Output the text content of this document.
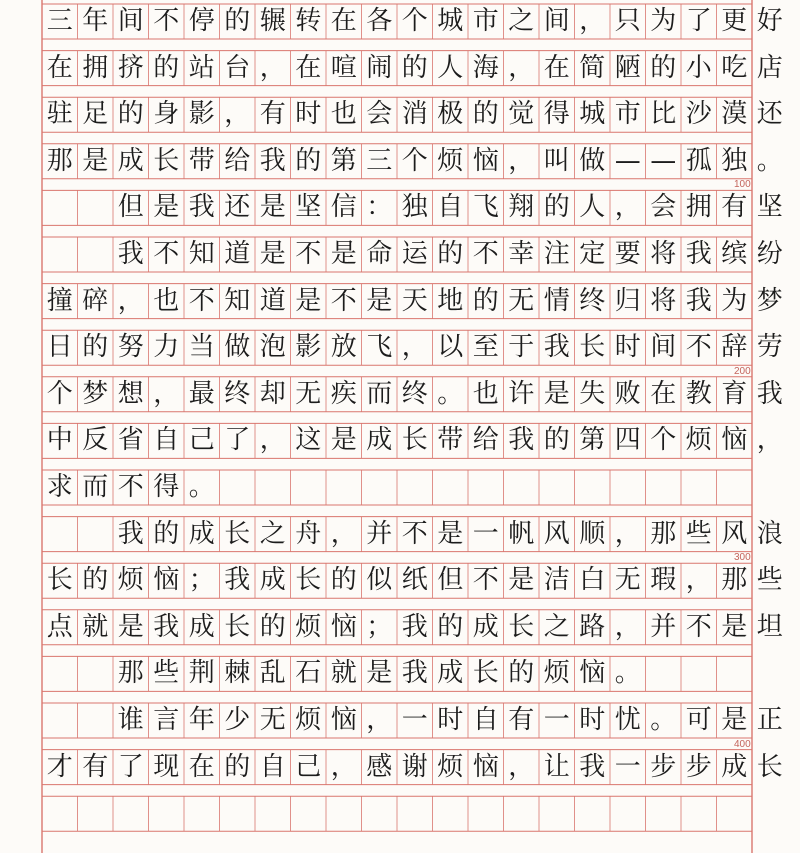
三 年 间 不 停 的 辗 转 在 各 个 城 市 之 间 ， 只 为 了 更 好
在 拥 挤 的 站 台 ， 在 喧 闹 的 人 海 ， 在 简 陋 的 小 吃 店
驻 足 的 身 影 ， 有 时 也 会 消 极 的 觉 得 城 市 比 沙 漠 还
那 是 成 长 带 给 我 的 第 三 个 烦 恼 ， 叫 做 — — 孤 独 。
但 是 我 还 是 坚 信 ： 独 自 飞 翔 的 人 ， 会 拥 有 坚
我 不 知 道 是 不 是 命 运 的 不 幸 注 定 要 将 我 缤 纷
撞 碎 ， 也 不 知 道 是 不 是 天 地 的 无 情 终 归 将 我 为 梦
日 的 努 力 当 做 泡 影 放 飞 ， 以 至 于 我 长 时 间 不 辞 劳
个 梦 想 ， 最 终 却 无 疾 而 终 。 也 许 是 失 败 在 教 育 我
中 反 省 自 己 了 ， 这 是 成 长 带 给 我 的 第 四 个 烦 恼 ，
求 而 不 得 。
我 的 成 长 之 舟 ， 并 不 是 一 帆 风 顺 ， 那 些 风 浪
长 的 烦 恼 ； 我 成 长 的 似 纸 但 不 是 洁 白 无 瑕 ， 那 些
点 就 是 我 成 长 的 烦 恼 ； 我 的 成 长 之 路 ， 并 不 是 坦
那 些 荆 棘 乱 石 就 是 我 成 长 的 烦 恼 。
谁 言 年 少 无 烦 恼 ， 一 时 自 有 一 时 忧 。 可 是 正
才 有 了 现 在 的 自 己 ， 感 谢 烦 恼 ， 让 我 一 步 步 成 长
100
200
300
400
